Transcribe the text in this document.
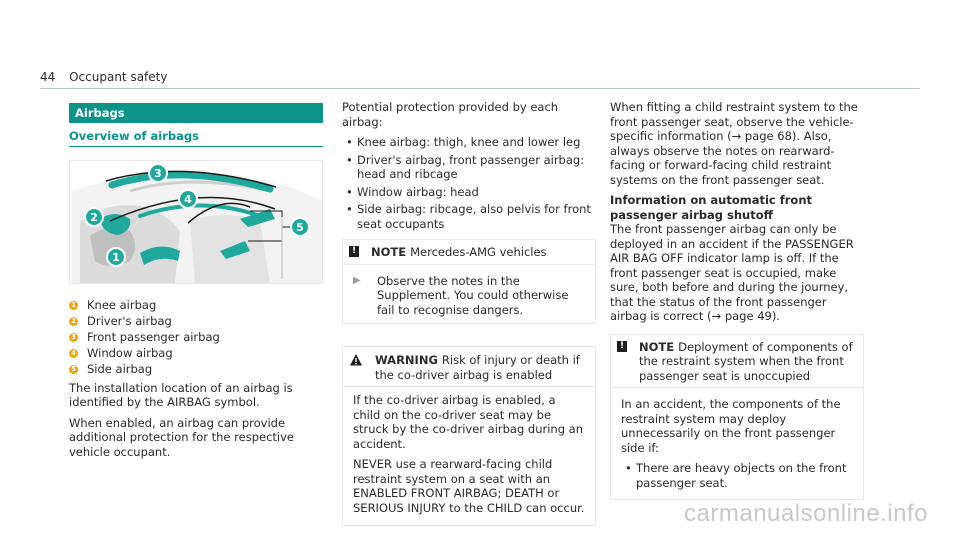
44 Occupant safety
Airbags
Overview of airbags
3
4
2
1
5
1 Knee airbag
2 Driver's airbag
3 Front passenger airbag
4 Window airbag
5 Side airbag

The installation location of an airbag is identified by the AIRBAG symbol.

When enabled, an airbag can provide additional protection for the respective vehicle occupant.

Potential protection provided by each airbag:

• Knee airbag: thigh, knee and lower leg
• Driver's airbag, front passenger airbag: head and ribcage
• Window airbag: head
• Side airbag: ribcage, also pelvis for front seat occupants
! NOTE Mercedes-AMG vehicles
▶	Observe the notes in the Supplement. You could otherwise fail to recognise dangers.
WARNING Risk of injury or death if the co-driver airbag is enabled

If the co-driver airbag is enabled, a child on the co-driver seat may be struck by the co-driver airbag during an accident.

NEVER use a rearward-facing child restraint system on a seat with an ENABLED FRONT AIRBAG; DEATH or SERIOUS INJURY to the CHILD can occur.

When fitting a child restraint system to the front passenger seat, observe the vehicle-specific information (→ page 68). Also, always observe the notes on rearward-facing or forward-facing child restraint systems on the front passenger seat.

Information on automatic front passenger airbag shutoff

The front passenger airbag can only be deployed in an accident if the PASSENGER AIR BAG OFF indicator lamp is off. If the front passenger seat is occupied, make sure, both before and during the journey, that the status of the front passenger airbag is correct (→ page 49).

! NOTE Deployment of components of the restraint system when the front passenger seat is unoccupied

In an accident, the components of the restraint system may deploy unnecessarily on the front passenger side if:

• There are heavy objects on the front passenger seat.
carmanualsonline.info
